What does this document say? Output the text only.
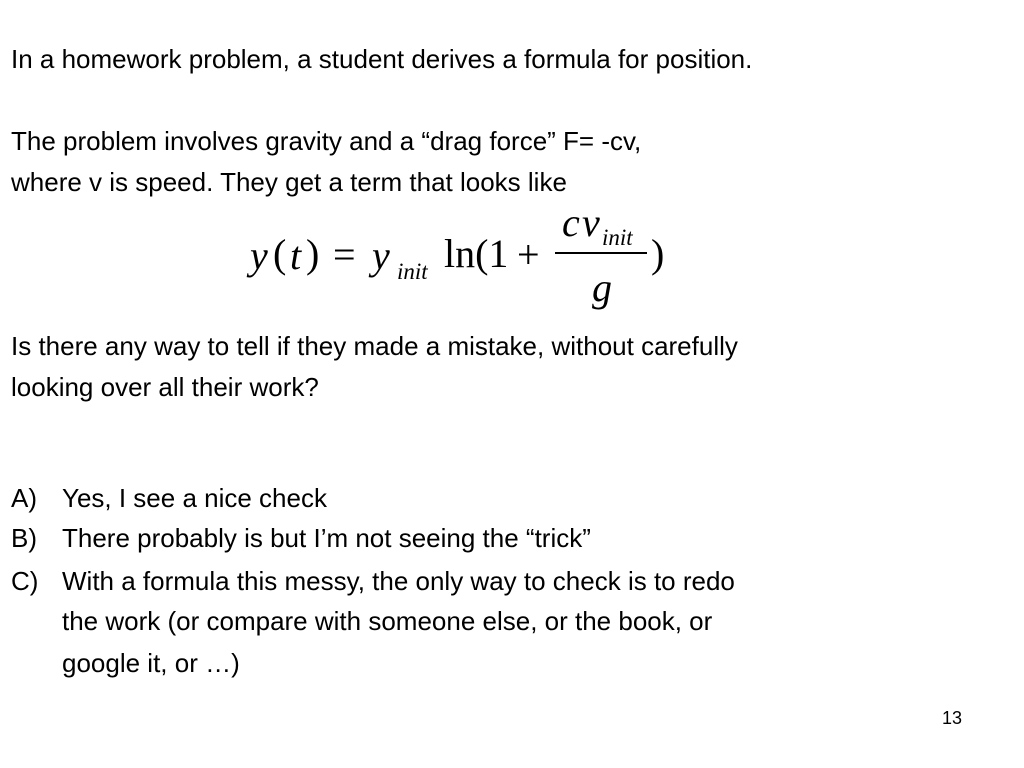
In a homework problem, a student derives a formula for position.
The problem involves gravity and a “drag force” F= -cv,
where v is speed. They get a term that looks like
y ( t ) = y init ln(1 +
c v init
g
)
Is there any way to tell if they made a mistake, without carefully
looking over all their work?
A) Yes, I see a nice check
B) There probably is but I’m not seeing the “trick”
C) With a formula this messy, the only way to check is to redo
the work (or compare with someone else, or the book, or
google it, or …)
13
